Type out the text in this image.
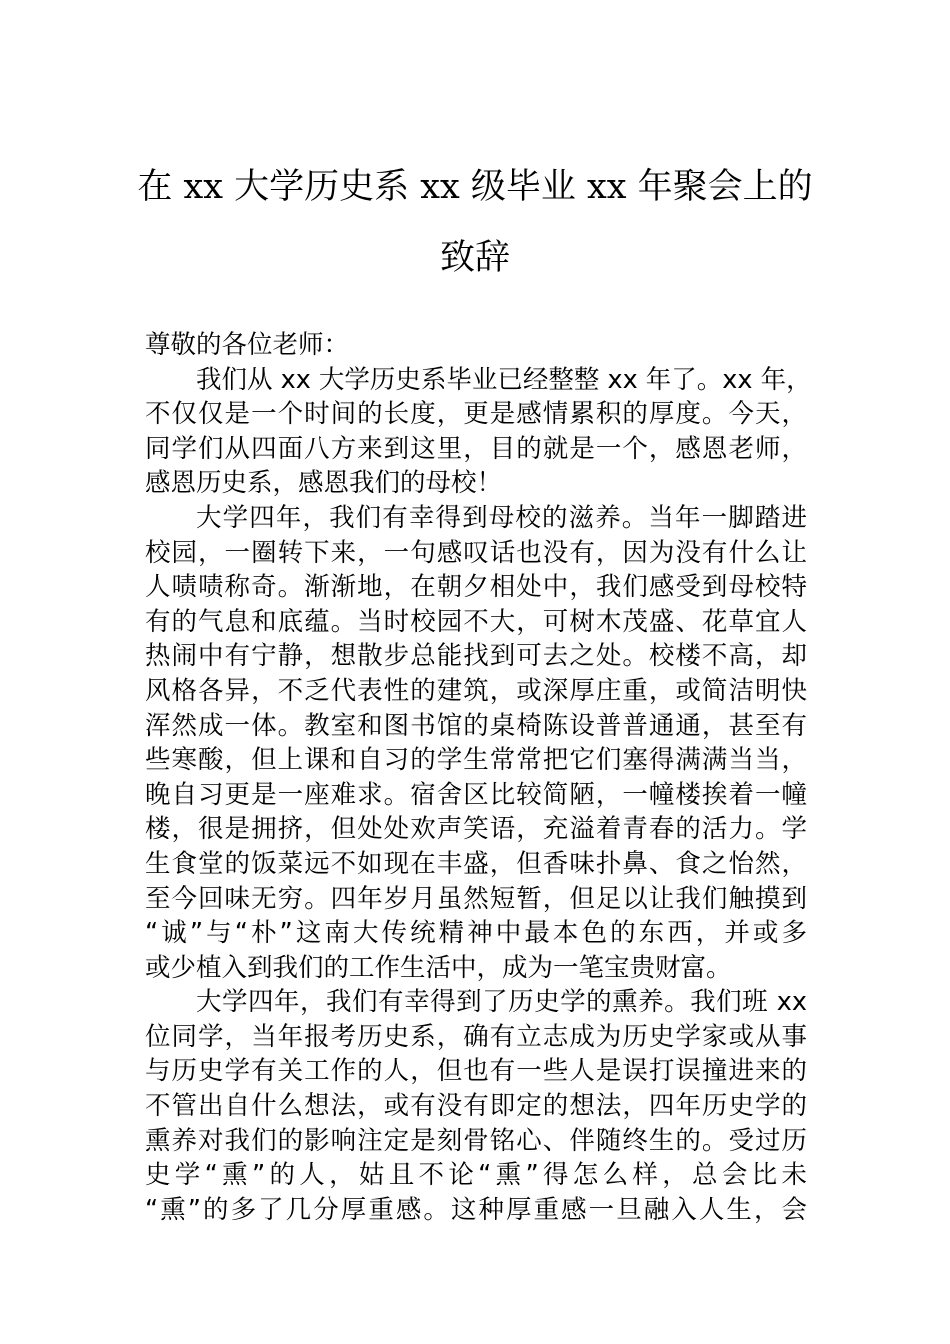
在 xx 大学历史系 xx 级毕业 xx 年聚会上的
致辞
尊敬的各位老师：
我们从 xx 大学历史系毕业已经整整 xx 年了。xx 年，
不仅仅是一个时间的长度，更是感情累积的厚度。今天，
同学们从四面八方来到这里，目的就是一个，感恩老师，
感恩历史系，感恩我们的母校！
大学四年，我们有幸得到母校的滋养。当年一脚踏进
校园，一圈转下来，一句感叹话也没有，因为没有什么让
人啧啧称奇。渐渐地，在朝夕相处中，我们感受到母校特
有的气息和底蕴。当时校园不大，可树木茂盛、花草宜人
热闹中有宁静，想散步总能找到可去之处。校楼不高，却
风格各异，不乏代表性的建筑，或深厚庄重，或简洁明快
浑然成一体。教室和图书馆的桌椅陈设普普通通，甚至有
些寒酸，但上课和自习的学生常常把它们塞得满满当当，
晚自习更是一座难求。宿舍区比较简陋，一幢楼挨着一幢
楼，很是拥挤，但处处欢声笑语，充溢着青春的活力。学
生食堂的饭菜远不如现在丰盛，但香味扑鼻、食之怡然，
至今回味无穷。四年岁月虽然短暂，但足以让我们触摸到
“诚”与“朴”这南大传统精神中最本色的东西，并或多
或少植入到我们的工作生活中，成为一笔宝贵财富。
大学四年，我们有幸得到了历史学的熏养。我们班 xx
位同学，当年报考历史系，确有立志成为历史学家或从事
与历史学有关工作的人，但也有一些人是误打误撞进来的
不管出自什么想法，或有没有即定的想法，四年历史学的
熏养对我们的影响注定是刻骨铭心、伴随终生的。受过历
史学“熏”的人，姑且不论“熏”得怎么样，总会比未
“熏”的多了几分厚重感。这种厚重感一旦融入人生，会
